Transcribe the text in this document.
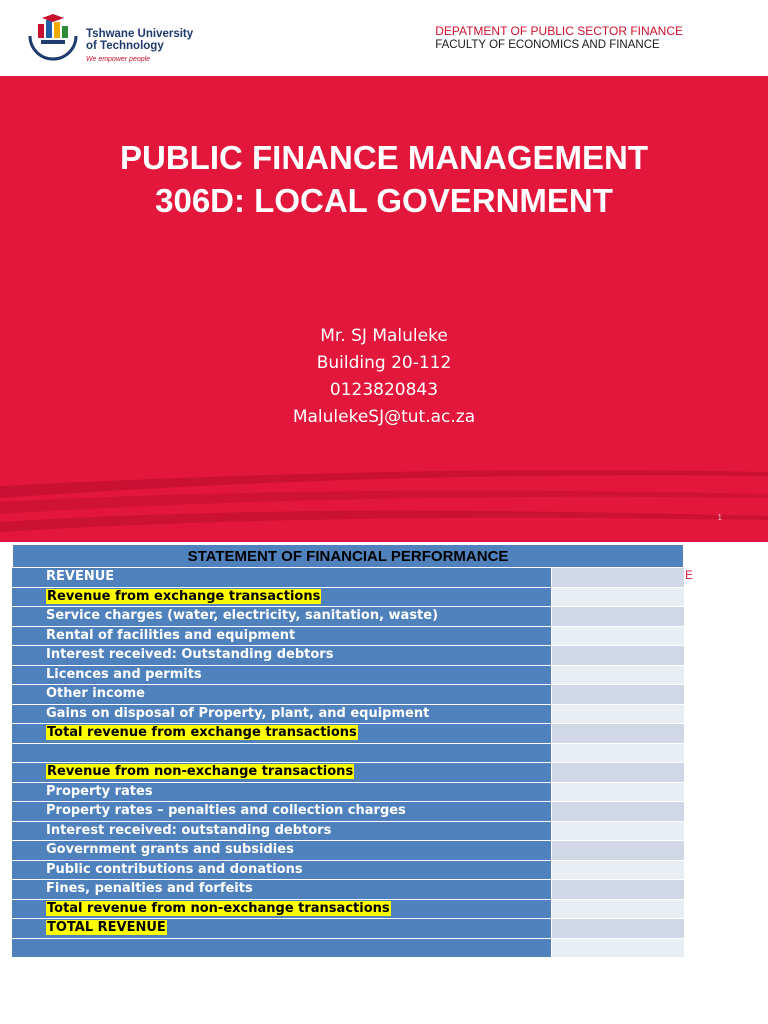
Tshwane University
of Technology
We empower people
DEPATMENT OF PUBLIC SECTOR FINANCE
FACULTY OF ECONOMICS AND FINANCE
PUBLIC FINANCE MANAGEMENT
306D: LOCAL GOVERNMENT
Mr. SJ Maluleke
Building 20-112
0123820843
MalulekeSJ@tut.ac.za
1
STATEMENT OF FINANCIAL PERFORMANCE
REVENUE
Revenue from exchange transactions
Service charges (water, electricity, sanitation, waste)
Rental of facilities and equipment
Interest received: Outstanding debtors
Licences and permits
Other income
Gains on disposal of Property, plant, and equipment
Total revenue from exchange transactions
Revenue from non-exchange transactions
Property rates
Property rates – penalties and collection charges
Interest received: outstanding debtors
Government grants and subsidies
Public contributions and donations
Fines, penalties and forfeits
Total revenue from non-exchange transactions
TOTAL REVENUE
E
